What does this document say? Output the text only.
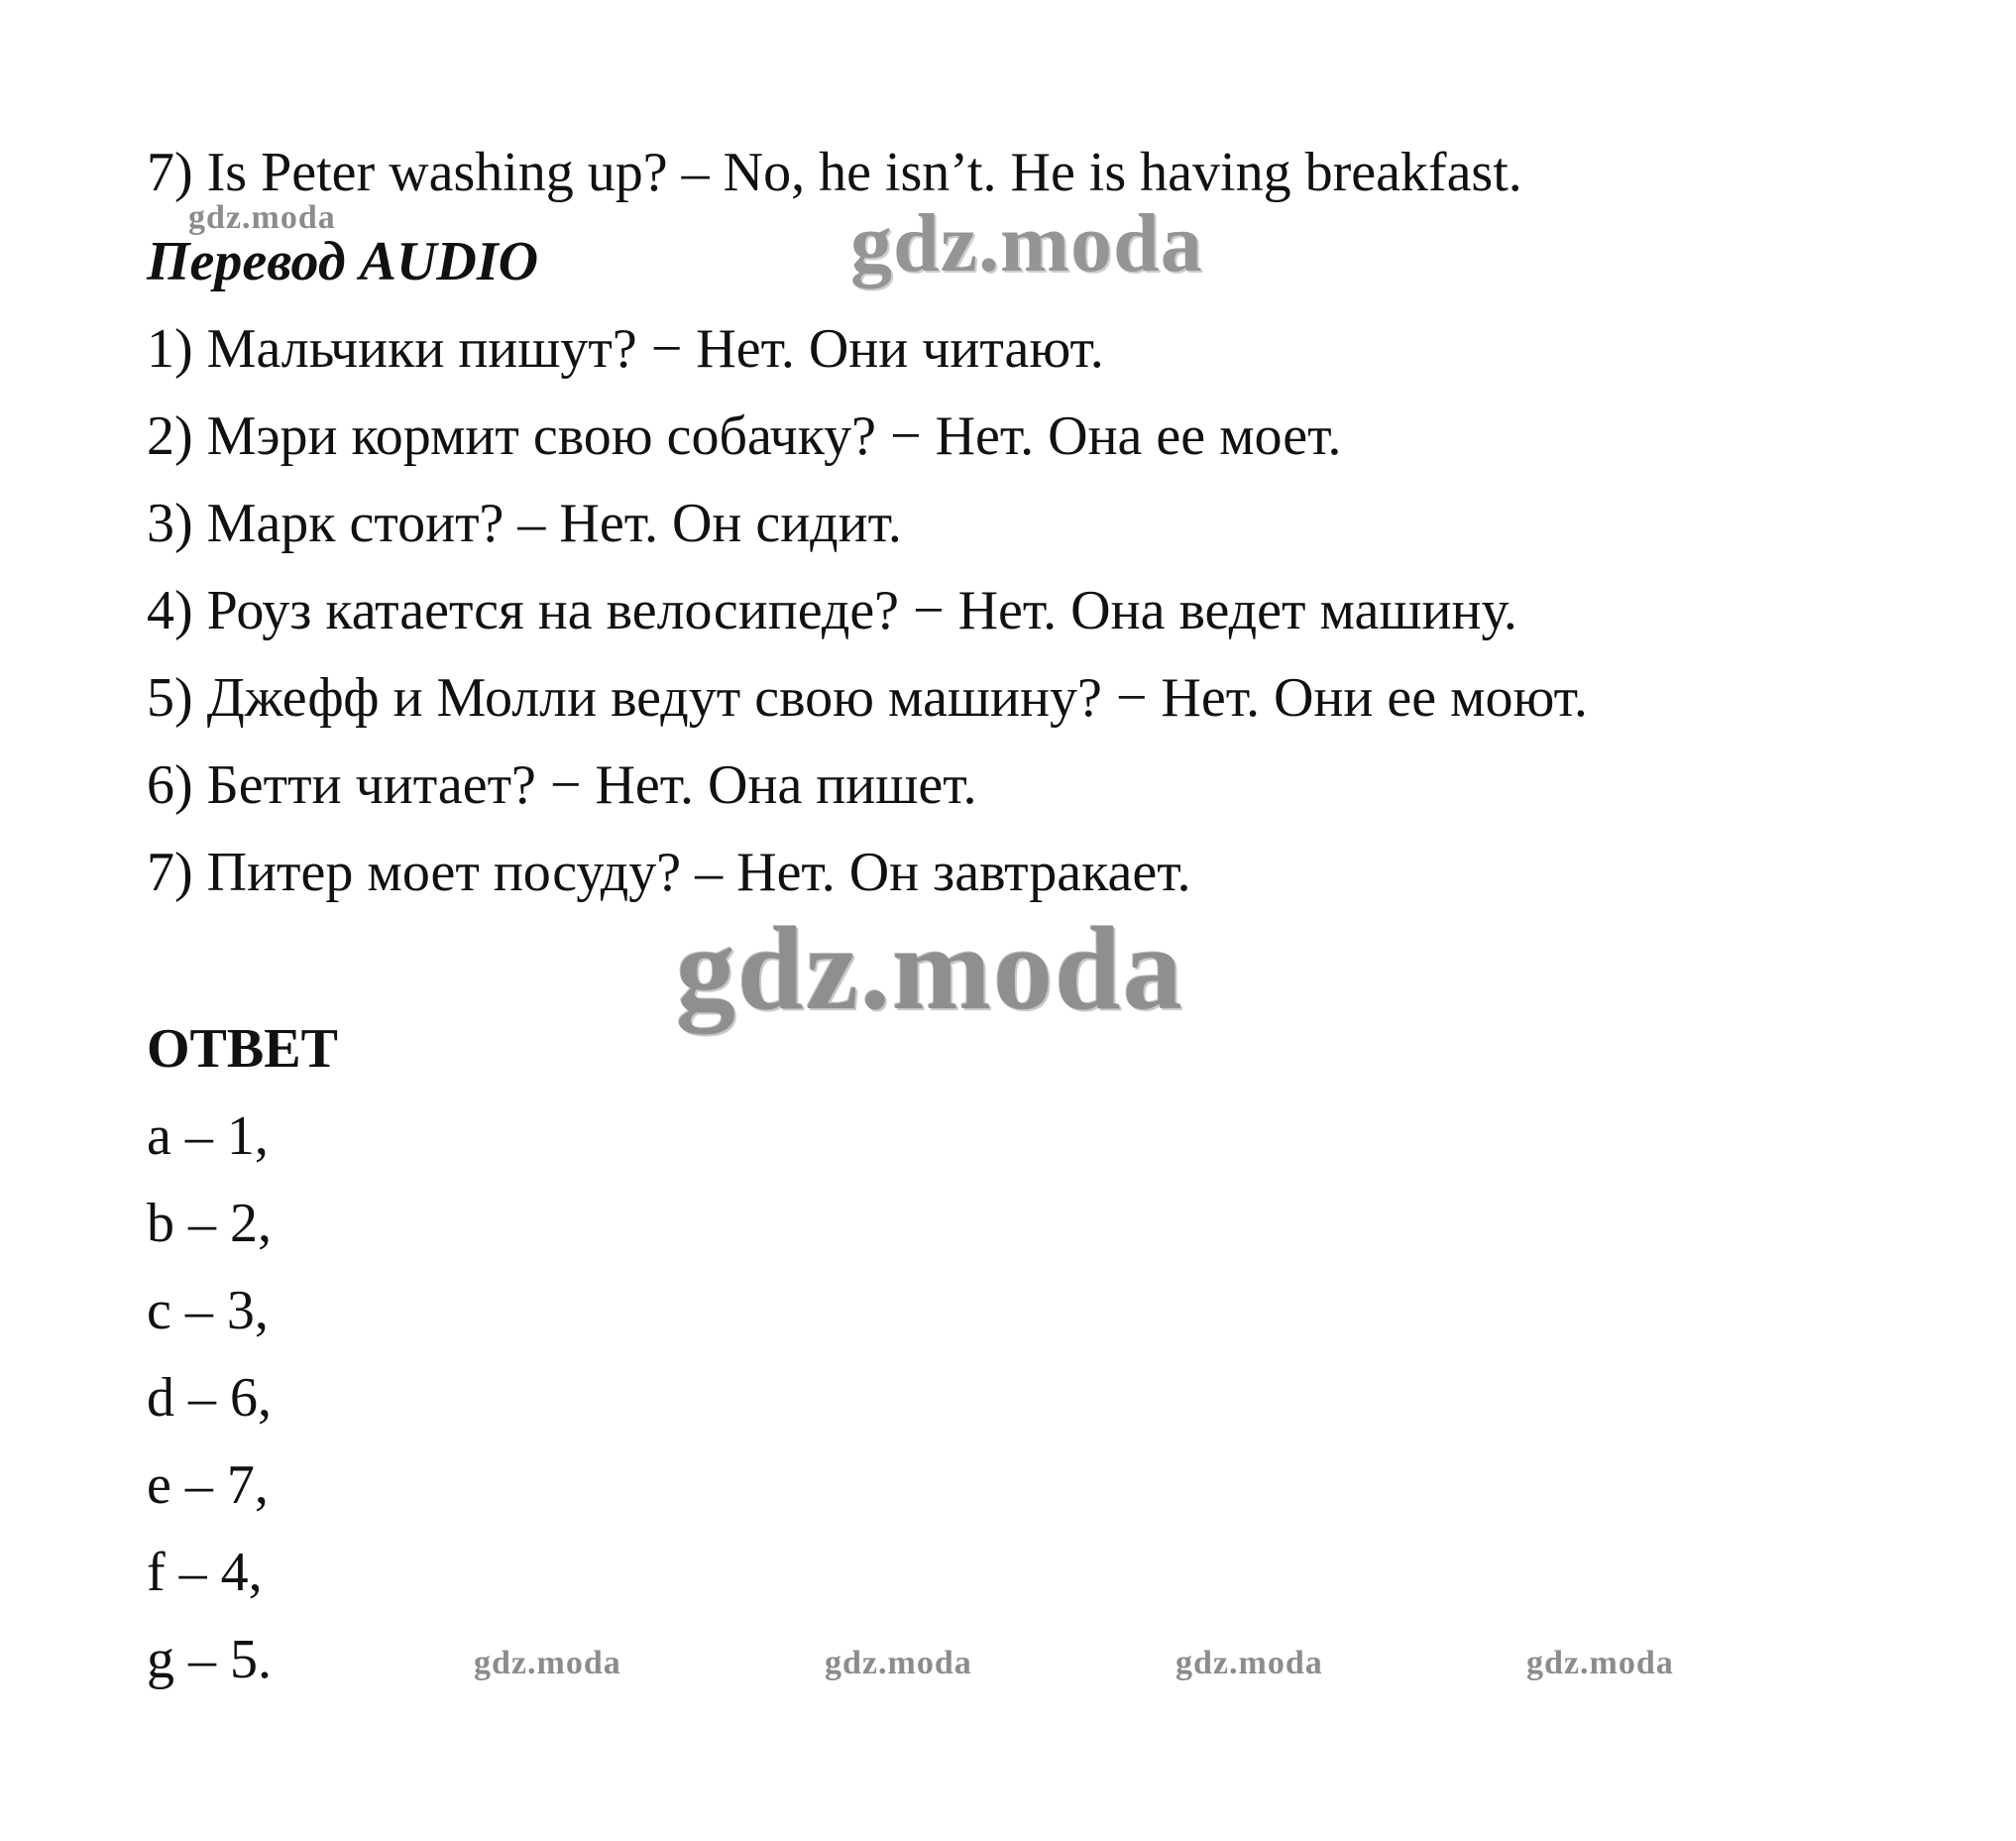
7) Is Peter washing up? – No, he isn’t. He is having breakfast.
gdz.moda
Перевод AUDIO	gdz.moda
1) Мальчики пишут? − Нет. Они читают.
2) Мэри кормит свою собачку? − Нет. Она ее моет.
3) Марк стоит? – Нет. Он сидит.
4) Роуз катается на велосипеде? − Нет. Она ведет машину.
5) Джефф и Молли ведут свою машину? − Нет. Они ее моют.
6) Бетти читает? − Нет. Она пишет.
7) Питер моет посуду? – Нет. Он завтракает.
gdz.moda
ОТВЕТ
a – 1,
b – 2,
c – 3,
d – 6,
e – 7,
f – 4,
g – 5.	gdz.moda	gdz.moda	gdz.moda	gdz.moda
